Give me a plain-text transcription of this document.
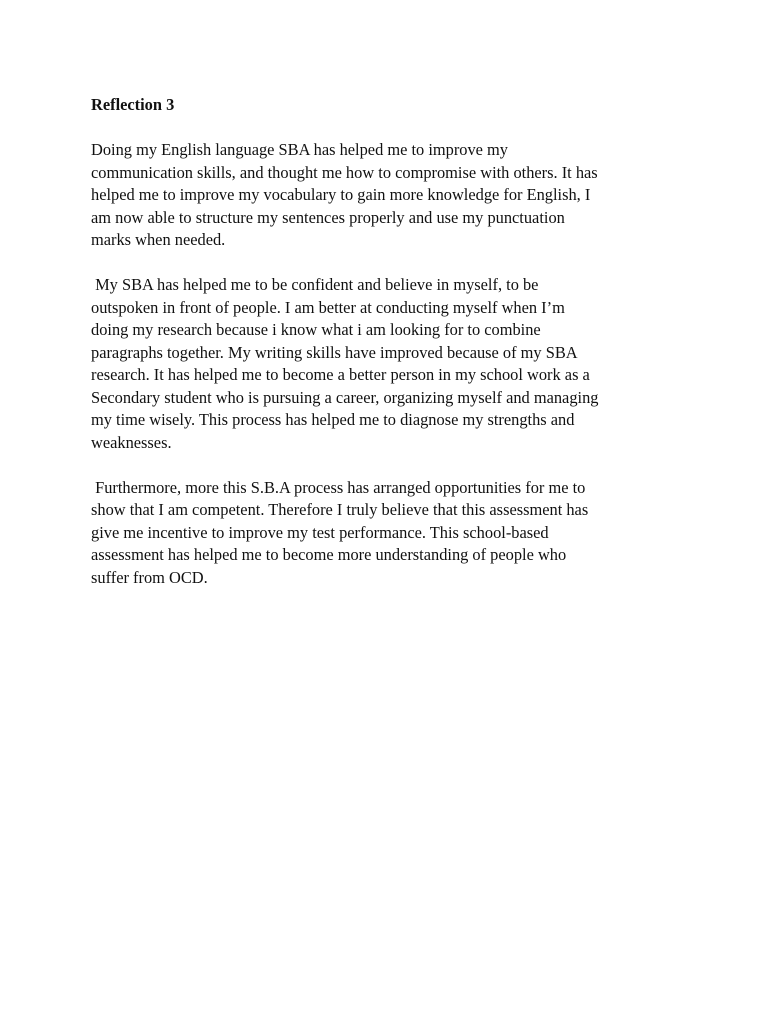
Reflection 3
Doing my English language SBA has helped me to improve my
communication skills, and thought me how to compromise with others. It has
helped me to improve my vocabulary to gain more knowledge for English, I
am now able to structure my sentences properly and use my punctuation
marks when needed.
My SBA has helped me to be confident and believe in myself, to be
outspoken in front of people. I am better at conducting myself when I’m
doing my research because i know what i am looking for to combine
paragraphs together. My writing skills have improved because of my SBA
research. It has helped me to become a better person in my school work as a
Secondary student who is pursuing a career, organizing myself and managing
my time wisely. This process has helped me to diagnose my strengths and
weaknesses.
Furthermore, more this S.B.A process has arranged opportunities for me to
show that I am competent. Therefore I truly believe that this assessment has
give me incentive to improve my test performance. This school-based
assessment has helped me to become more understanding of people who
suffer from OCD.
